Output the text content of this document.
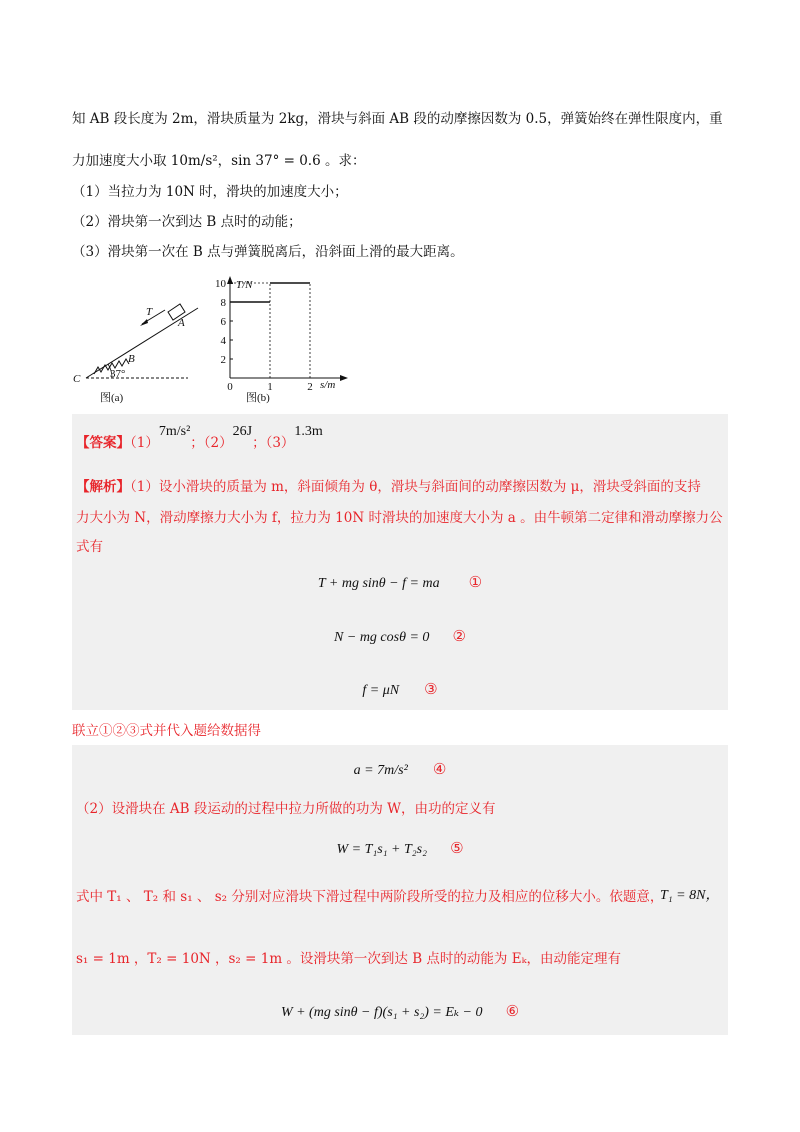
知 AB 段长度为 2m，滑块质量为 2kg，滑块与斜面 AB 段的动摩擦因数为 0.5，弹簧始终在弹性限度内，重
力加速度大小取 10m/s²，sin 37° = 0.6 。求：
（1）当拉力为 10N 时，滑块的加速度大小；
（2）滑块第一次到达 B 点时的动能；
（3）滑块第一次在 B 点与弹簧脱离后，沿斜面上滑的最大距离。
T
A
B
C	37°
图(a)
T/N
s/m
10
8
6
4
2
0	1	2
图(b)
【答案】（1）7m/s²；（2）26J；（3）1.3m
【解析】（1）设小滑块的质量为 m，斜面倾角为 θ，滑块与斜面间的动摩擦因数为 μ，滑块受斜面的支持
力大小为 N，滑动摩擦力大小为 f，拉力为 10N 时滑块的加速度大小为 a 。由牛顿第二定律和滑动摩擦力公
式有
T + mg sinθ − f = ma ①
N − mg cosθ = 0 ②
f = μN ③
联立①②③式并代入题给数据得
a = 7m/s² ④
（2）设滑块在 AB 段运动的过程中拉力所做的功为 W，由功的定义有
W = T₁s₁ + T₂s₂ ⑤
式中 T₁ 、 T₂ 和 s₁ 、 s₂ 分别对应滑块下滑过程中两阶段所受的拉力及相应的位移大小。依题意，
T₁ = 8N，
s₁ = 1m ，T₂ = 10N ，s₂ = 1m 。设滑块第一次到达 B 点时的动能为 Eₖ，由动能定理有
W + (mg sinθ − f)(s₁ + s₂) = Eₖ − 0 ⑥
